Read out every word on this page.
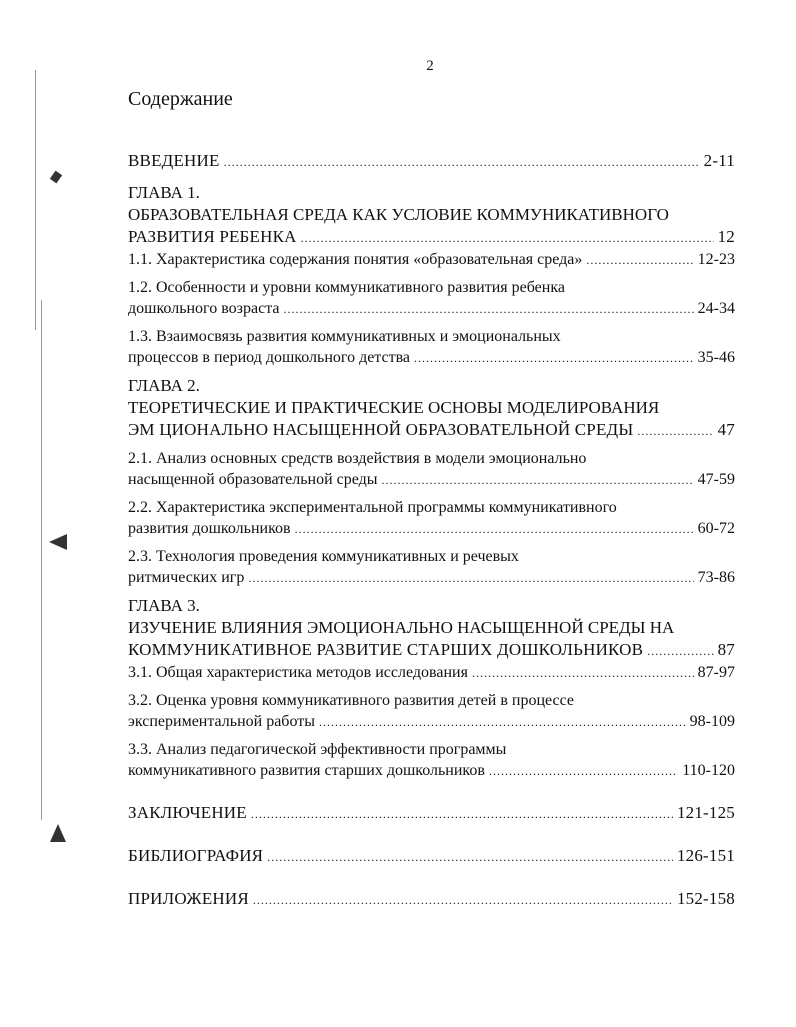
2
Содержание
ВВЕДЕНИЕ .....	2-11
ГЛАВА 1.
ОБРАЗОВАТЕЛЬНАЯ СРЕДА КАК УСЛОВИЕ КОММУНИКАТИВНОГО
РАЗВИТИЯ РЕБЕНКА .....	12
1.1. Характеристика содержания понятия «образовательная среда» .....	12-23
1.2. Особенности и уровни коммуникативного развития ребенка
дошкольного возраста .....	24-34
1.3. Взаимосвязь развития коммуникативных и эмоциональных
процессов в период дошкольного детства .....	35-46
ГЛАВА 2.
ТЕОРЕТИЧЕСКИЕ И ПРАКТИЧЕСКИЕ ОСНОВЫ МОДЕЛИРОВАНИЯ
ЭМ ЦИОНАЛЬНО НАСЫЩЕННОЙ ОБРАЗОВАТЕЛЬНОЙ СРЕДЫ .....	47
2.1. Анализ основных средств воздействия в модели эмоционально
насыщенной образовательной среды .....	47-59
2.2. Характеристика экспериментальной программы коммуникативного
развития дошкольников .....	60-72
2.3. Технология проведения коммуникативных и речевых
ритмических игр .....	73-86
ГЛАВА 3.
ИЗУЧЕНИЕ ВЛИЯНИЯ ЭМОЦИОНАЛЬНО НАСЫЩЕННОЙ СРЕДЫ НА
КОММУНИКАТИВНОЕ РАЗВИТИЕ СТАРШИХ ДОШКОЛЬНИКОВ .....	87
3.1. Общая характеристика методов исследования .....	87-97
3.2. Оценка уровня коммуникативного развития детей в процессе
экспериментальной работы .....	98-109
3.3. Анализ педагогической эффективности программы
коммуникативного развития старших дошкольников .....	110-120
ЗАКЛЮЧЕНИЕ .....	121-125
БИБЛИОГРАФИЯ .....	126-151
ПРИЛОЖЕНИЯ .....	152-158
